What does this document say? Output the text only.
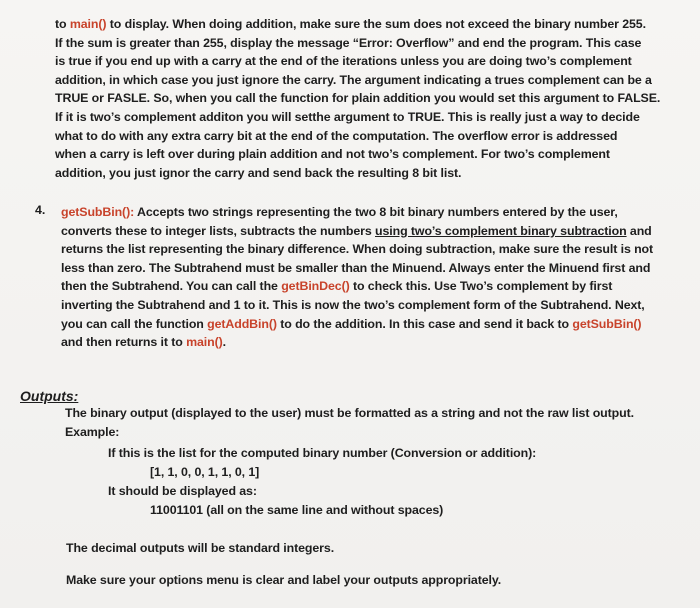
to main() to display. When doing addition, make sure the sum does not exceed the binary number 255.
If the sum is greater than 255, display the message “Error: Overflow” and end the program. This case
is true if you end up with a carry at the end of the iterations unless you are doing two’s complement
addition, in which case you just ignore the carry. The argument indicating a trues complement can be a
TRUE or FASLE. So, when you call the function for plain addition you would set this argument to FALSE.
If it is two’s complement additon you will setthe argument to TRUE. This is really just a way to decide
what to do with any extra carry bit at the end of the computation. The overflow error is addressed
when a carry is left over during plain addition and not two’s complement. For two’s complement
addition, you just ignor the carry and send back the resulting 8 bit list.
4. getSubBin(): Accepts two strings representing the two 8 bit binary numbers entered by the user,
converts these to integer lists, subtracts the numbers using two’s complement binary subtraction and
returns the list representing the binary difference. When doing subtraction, make sure the result is not
less than zero. The Subtrahend must be smaller than the Minuend. Always enter the Minuend first and
then the Subtrahend. You can call the getBinDec() to check this. Use Two’s complement by first
inverting the Subtrahend and 1 to it. This is now the two’s complement form of the Subtrahend. Next,
you can call the function getAddBin() to do the addition. In this case and send it back to getSubBin()
and then returns it to main().
Outputs:
The binary output (displayed to the user) must be formatted as a string and not the raw list output.
Example:
If this is the list for the computed binary number (Conversion or addition):
[1, 1, 0, 0, 1, 1, 0, 1]
It should be displayed as:
11001101 (all on the same line and without spaces)
The decimal outputs will be standard integers.
Make sure your options menu is clear and label your outputs appropriately.
